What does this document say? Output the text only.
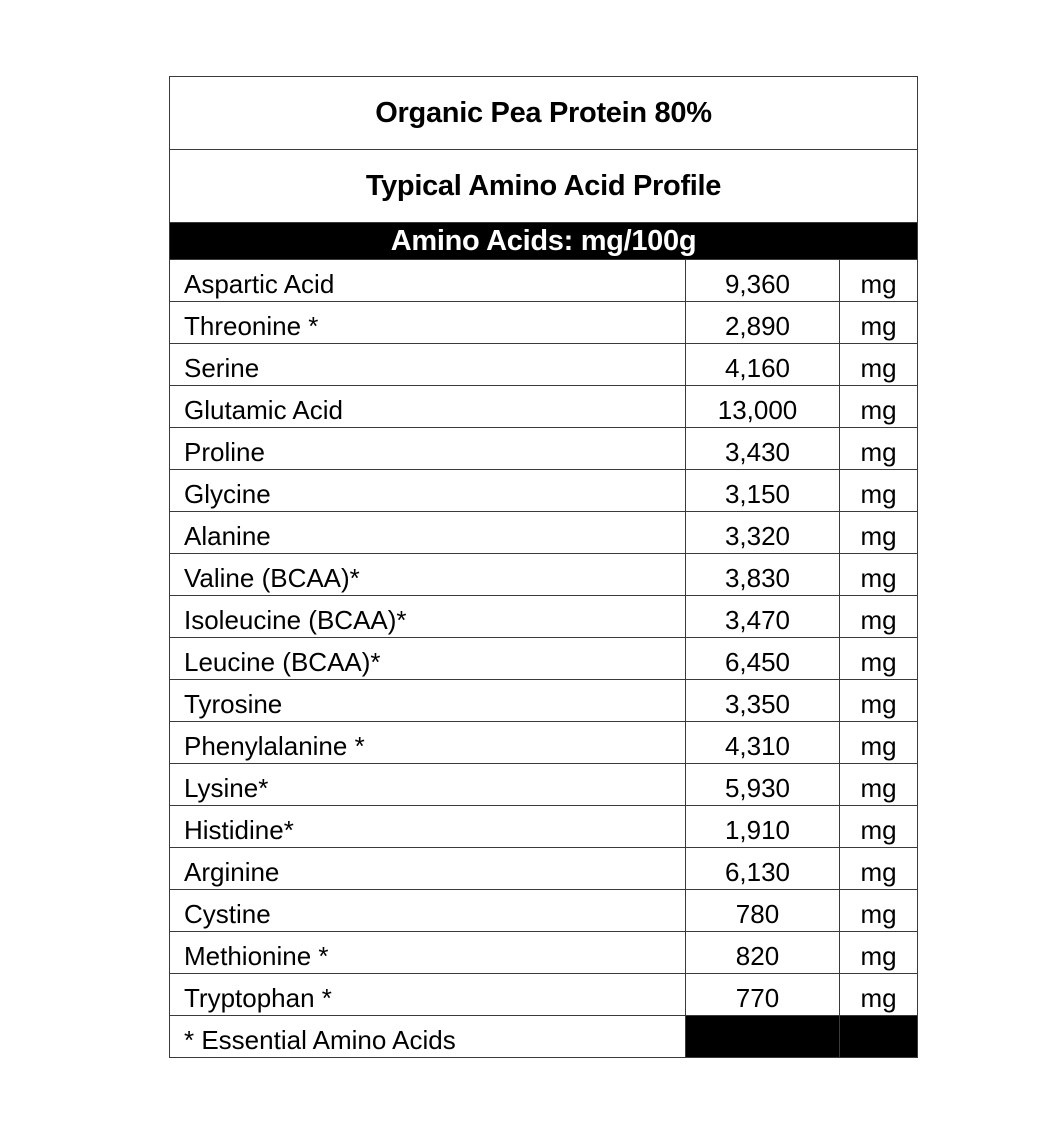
Organic Pea Protein 80%		
Typical Amino Acid Profile		
Amino Acids: mg/100g		
Aspartic Acid	9,360	mg
Threonine *	2,890	mg
Serine	4,160	mg
Glutamic Acid	13,000	mg
Proline	3,430	mg
Glycine	3,150	mg
Alanine	3,320	mg
Valine (BCAA)*	3,830	mg
Isoleucine (BCAA)*	3,470	mg
Leucine (BCAA)*	6,450	mg
Tyrosine	3,350	mg
Phenylalanine *	4,310	mg
Lysine*	5,930	mg
Histidine*	1,910	mg
Arginine	6,130	mg
Cystine	780	mg
Methionine *	820	mg
Tryptophan *	770	mg
* Essential Amino Acids		
